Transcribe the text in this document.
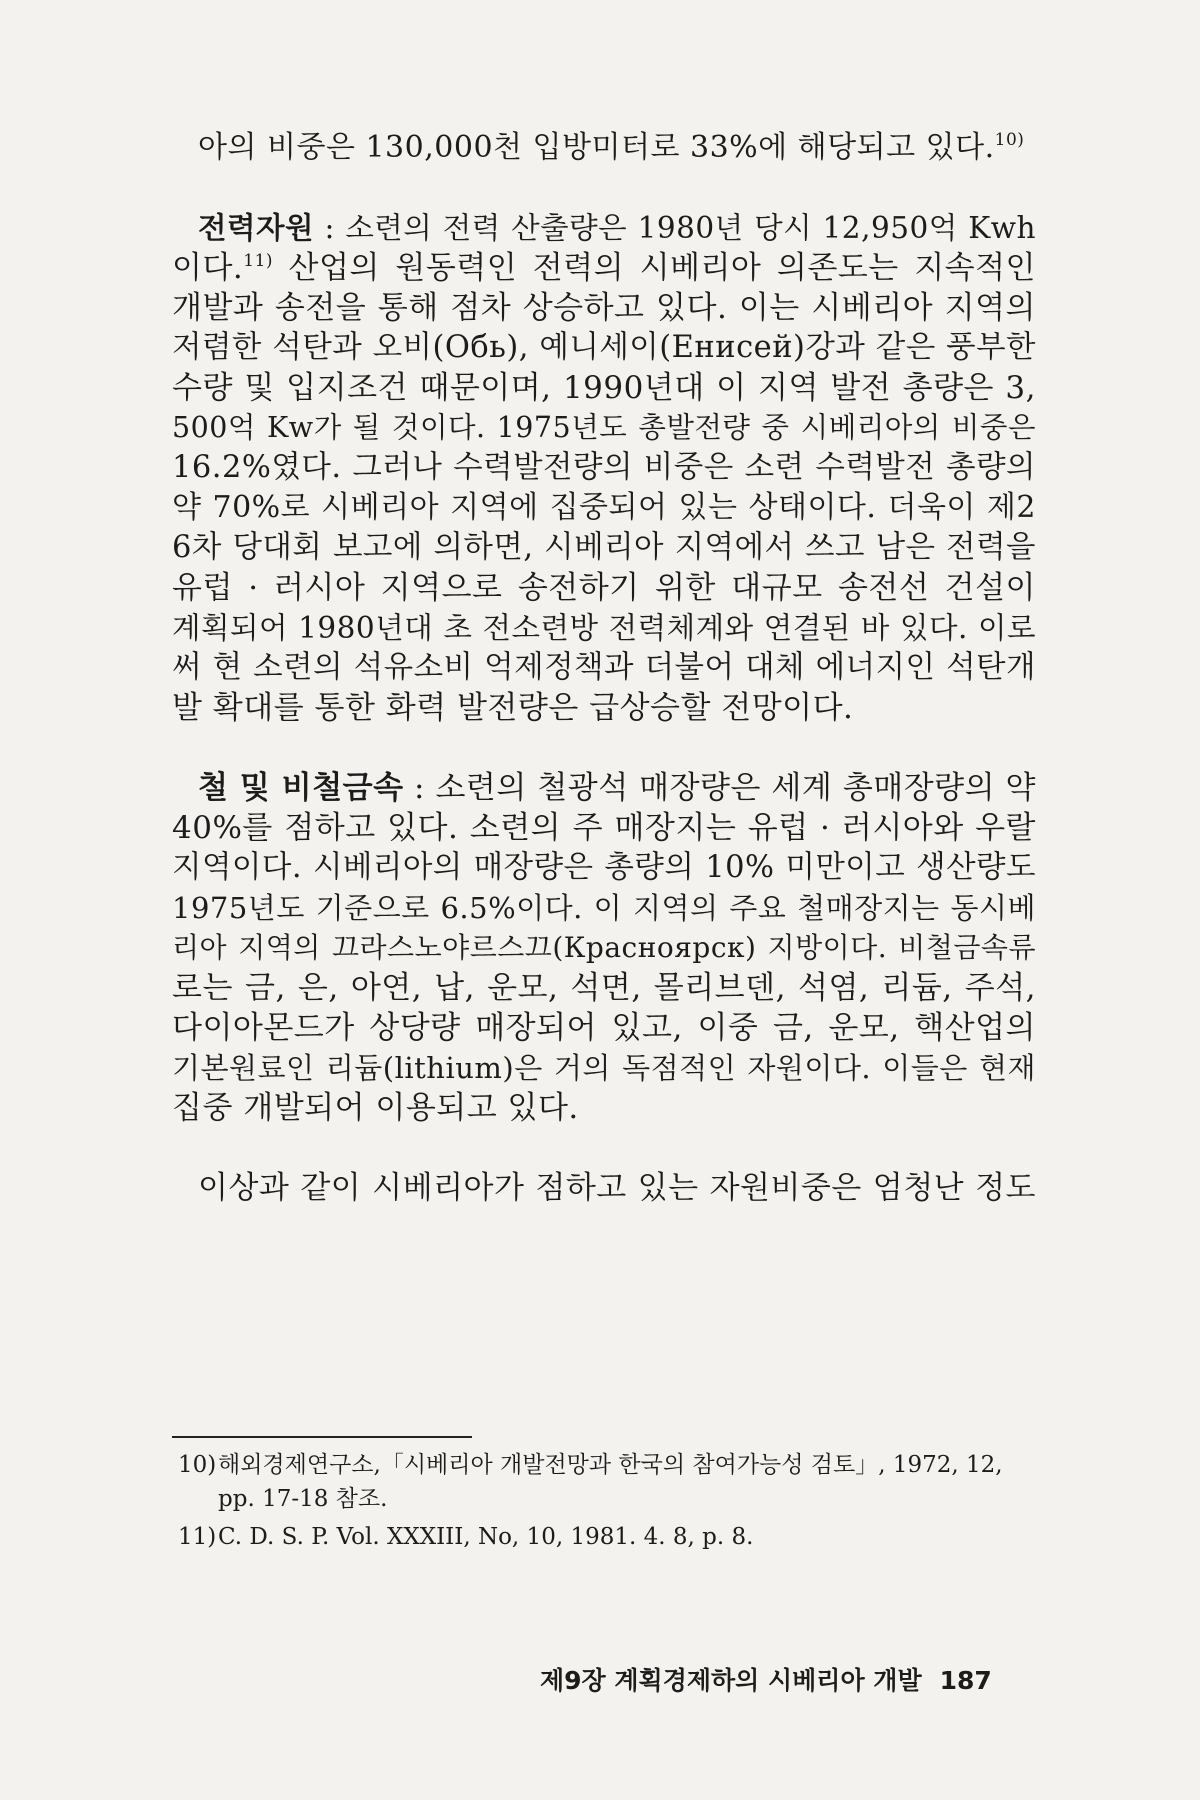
아의 비중은 130,000천 입방미터로 33%에 해당되고 있다.$^{10)}$
전력자원 : 소련의 전력 산출량은 1980년 당시 12,950억 Kwh
이다.$^{11)}$ 산업의 원동력인 전력의 시베리아 의존도는 지속적인
개발과 송전을 통해 점차 상승하고 있다. 이는 시베리아 지역의
저렴한 석탄과 오비(Обь), 예니세이(Енисей)강과 같은 풍부한
수량 및 입지조건 때문이며, 1990년대 이 지역 발전 총량은 3,
500억 Kw가 될 것이다. 1975년도 총발전량 중 시베리아의 비중은
16.2%였다. 그러나 수력발전량의 비중은 소련 수력발전 총량의
약 70%로 시베리아 지역에 집중되어 있는 상태이다. 더욱이 제2
6차 당대회 보고에 의하면, 시베리아 지역에서 쓰고 남은 전력을
유럽 · 러시아 지역으로 송전하기 위한 대규모 송전선 건설이
계획되어 1980년대 초 전소련방 전력체계와 연결된 바 있다. 이로
써 현 소련의 석유소비 억제정책과 더불어 대체 에너지인 석탄개
발 확대를 통한 화력 발전량은 급상승할 전망이다.
철 및 비철금속 : 소련의 철광석 매장량은 세계 총매장량의 약
40%를 점하고 있다. 소련의 주 매장지는 유럽 · 러시아와 우랄
지역이다. 시베리아의 매장량은 총량의 10% 미만이고 생산량도
1975년도 기준으로 6.5%이다. 이 지역의 주요 철매장지는 동시베
리아 지역의 끄라스노야르스끄(Красноярск) 지방이다. 비철금속류
로는 금, 은, 아연, 납, 운모, 석면, 몰리브덴, 석염, 리듐, 주석,
다이아몬드가 상당량 매장되어 있고, 이중 금, 운모, 핵산업의
기본원료인 리듐(lithium)은 거의 독점적인 자원이다. 이들은 현재
집중 개발되어 이용되고 있다.
이상과 같이 시베리아가 점하고 있는 자원비중은 엄청난 정도
10) 해외경제연구소,「시베리아 개발전망과 한국의 참여가능성 검토」, 1972, 12,
pp. 17-18 참조.
11) C. D. S. P. Vol. XXXIII, No, 10, 1981. 4. 8, p. 8.
제9장 계획경제하의 시베리아 개발 187
